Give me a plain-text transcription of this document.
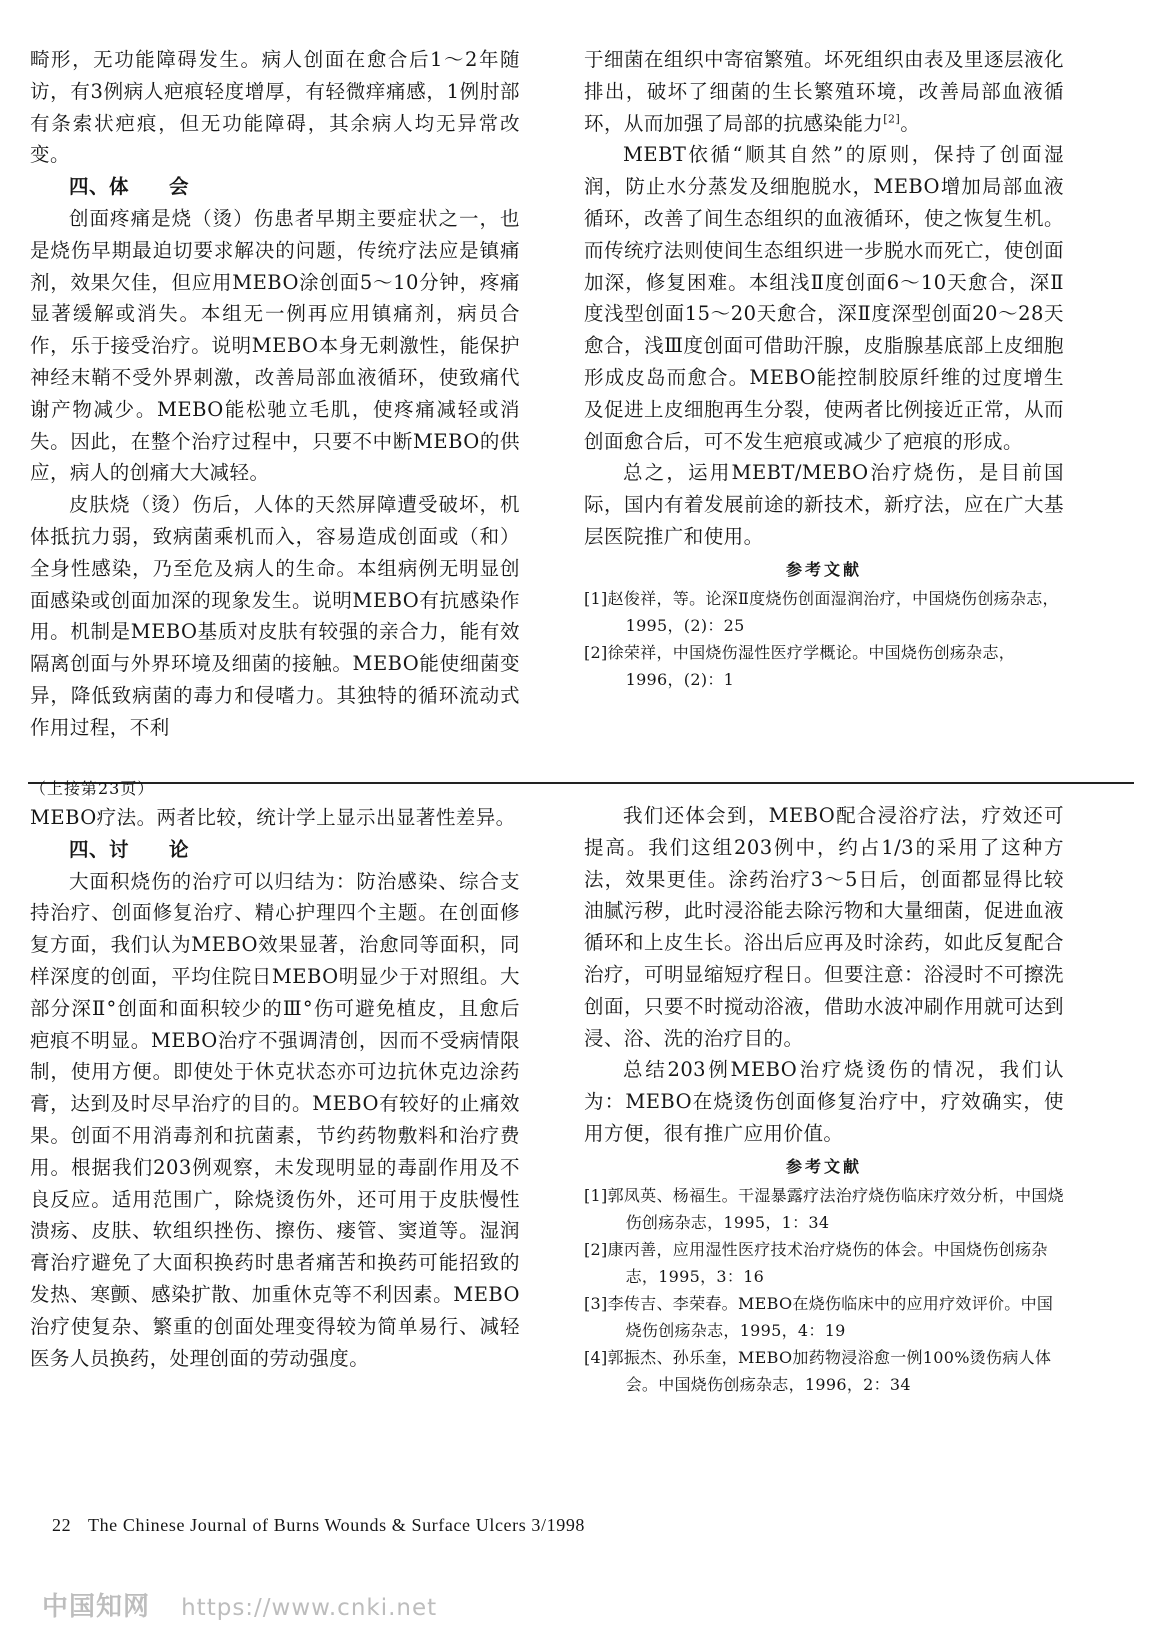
畸形，无功能障碍发生。病人创面在愈合后1～2年随访，有3例病人疤痕轻度增厚，有轻微痒痛感，1例肘部有条索状疤痕，但无功能障碍，其余病人均无异常改变。

四、体　　会

创面疼痛是烧（烫）伤患者早期主要症状之一，也是烧伤早期最迫切要求解决的问题，传统疗法应是镇痛剂，效果欠佳，但应用MEBO涂创面5～10分钟，疼痛显著缓解或消失。本组无一例再应用镇痛剂，病员合作，乐于接受治疗。说明MEBO本身无刺激性，能保护神经末鞘不受外界刺激，改善局部血液循环，使致痛代谢产物减少。MEBO能松驰立毛肌，使疼痛减轻或消失。因此，在整个治疗过程中，只要不中断MEBO的供应，病人的创痛大大减轻。

皮肤烧（烫）伤后，人体的天然屏障遭受破坏，机体抵抗力弱，致病菌乘机而入，容易造成创面或（和）全身性感染，乃至危及病人的生命。本组病例无明显创面感染或创面加深的现象发生。说明MEBO有抗感染作用。机制是MEBO基质对皮肤有较强的亲合力，能有效隔离创面与外界环境及细菌的接触。MEBO能使细菌变异，降低致病菌的毒力和侵嗜力。其独特的循环流动式作用过程，不利

于细菌在组织中寄宿繁殖。坏死组织由表及里逐层液化排出，破坏了细菌的生长繁殖环境，改善局部血液循环，从而加强了局部的抗感染能力[2]。

MEBT依循“顺其自然”的原则，保持了创面湿润，防止水分蒸发及细胞脱水，MEBO增加局部血液循环，改善了间生态组织的血液循环，使之恢复生机。而传统疗法则使间生态组织进一步脱水而死亡，使创面加深，修复困难。本组浅Ⅱ度创面6～10天愈合，深Ⅱ度浅型创面15～20天愈合，深Ⅱ度深型创面20～28天愈合，浅Ⅲ度创面可借助汗腺，皮脂腺基底部上皮细胞形成皮岛而愈合。MEBO能控制胶原纤维的过度增生及促进上皮细胞再生分裂，使两者比例接近正常，从而创面愈合后，可不发生疤痕或减少了疤痕的形成。

总之，运用MEBT/MEBO治疗烧伤，是目前国际，国内有着发展前途的新技术，新疗法，应在广大基层医院推广和使用。

参考文献

[1]赵俊祥，等。论深Ⅱ度烧伤创面湿润治疗，中国烧伤创疡杂志，1995，(2)：25

[2]徐荣祥，中国烧伤湿性医疗学概论。中国烧伤创疡杂志，1996，(2)：1

（上接第23页）

MEBO疗法。两者比较，统计学上显示出显著性差异。

四、讨　　论

大面积烧伤的治疗可以归结为：防治感染、综合支持治疗、创面修复治疗、精心护理四个主题。在创面修复方面，我们认为MEBO效果显著，治愈同等面积，同样深度的创面，平均住院日MEBO明显少于对照组。大部分深Ⅱ°创面和面积较少的Ⅲ°伤可避免植皮，且愈后疤痕不明显。MEBO治疗不强调清创，因而不受病情限制，使用方便。即使处于休克状态亦可边抗休克边涂药膏，达到及时尽早治疗的目的。MEBO有较好的止痛效果。创面不用消毒剂和抗菌素，节约药物敷料和治疗费用。根据我们203例观察，未发现明显的毒副作用及不良反应。适用范围广，除烧烫伤外，还可用于皮肤慢性溃疡、皮肤、软组织挫伤、擦伤、瘘管、窦道等。湿润膏治疗避免了大面积换药时患者痛苦和换药可能招致的发热、寒颤、感染扩散、加重休克等不利因素。MEBO治疗使复杂、繁重的创面处理变得较为简单易行、减轻医务人员换药，处理创面的劳动强度。

我们还体会到，MEBO配合浸浴疗法，疗效还可提高。我们这组203例中，约占1/3的采用了这种方法，效果更佳。涂药治疗3～5日后，创面都显得比较油腻污秽，此时浸浴能去除污物和大量细菌，促进血液循环和上皮生长。浴出后应再及时涂药，如此反复配合治疗，可明显缩短疗程日。但要注意：浴浸时不可擦洗创面，只要不时搅动浴液，借助水波冲刷作用就可达到浸、浴、洗的治疗目的。

总结203例MEBO治疗烧烫伤的情况，我们认为：MEBO在烧烫伤创面修复治疗中，疗效确实，使用方便，很有推广应用价值。

参考文献

[1]郭凤英、杨福生。干湿暴露疗法治疗烧伤临床疗效分析，中国烧伤创疡杂志，1995，1：34

[2]康丙善，应用湿性医疗技术治疗烧伤的体会。中国烧伤创疡杂志，1995，3：16

[3]李传吉、李荣春。MEBO在烧伤临床中的应用疗效评价。中国烧伤创疡杂志，1995，4：19

[4]郭振杰、孙乐奎，MEBO加药物浸浴愈一例100%烫伤病人体会。中国烧伤创疡杂志，1996，2：34

22 The Chinese Journal of Burns Wounds & Surface Ulcers 3/1998
中国知网 https://www.cnki.net
